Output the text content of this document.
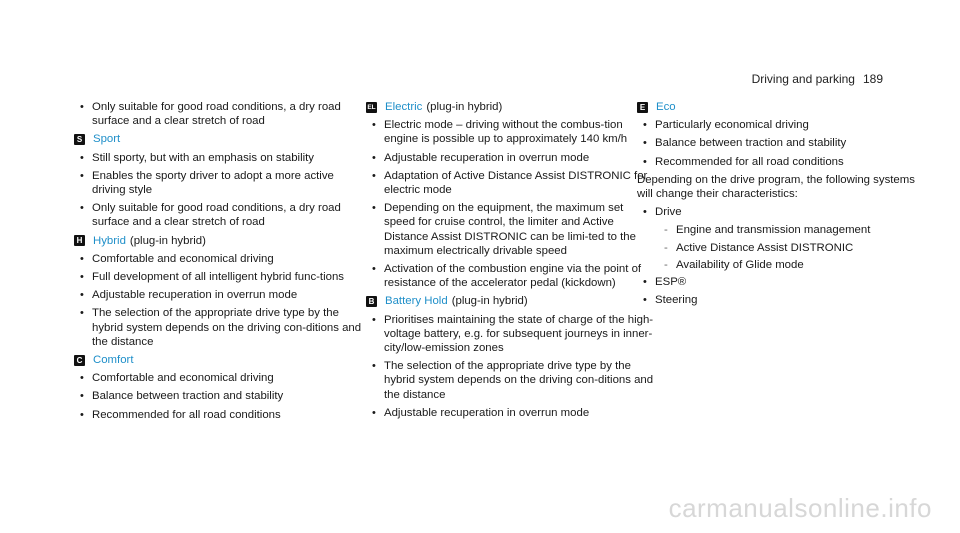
Driving and parking 189
• Only suitable for good road conditions, a dry road surface and a clear stretch of road
S Sport
• Still sporty, but with an emphasis on stability
• Enables the sporty driver to adopt a more active driving style
• Only suitable for good road conditions, a dry road surface and a clear stretch of road
H Hybrid (plug-in hybrid)
• Comfortable and economical driving
• Full development of all intelligent hybrid func-tions
• Adjustable recuperation in overrun mode
• The selection of the appropriate drive type by the hybrid system depends on the driving con-ditions and the distance
C Comfort
• Comfortable and economical driving
• Balance between traction and stability
• Recommended for all road conditions
EL Electric (plug-in hybrid)
• Electric mode – driving without the combus-tion engine is possible up to approximately 140 km/h
• Adjustable recuperation in overrun mode
• Adaptation of Active Distance Assist DISTRONIC for electric mode
• Depending on the equipment, the maximum set speed for cruise control, the limiter and Active Distance Assist DISTRONIC can be limi-ted to the maximum electrically drivable speed
• Activation of the combustion engine via the point of resistance of the accelerator pedal (kickdown)
B Battery Hold (plug-in hybrid)
• Prioritises maintaining the state of charge of the high-voltage battery, e.g. for subsequent journeys in inner-city/low-emission zones
• The selection of the appropriate drive type by the hybrid system depends on the driving con-ditions and the distance
• Adjustable recuperation in overrun mode
E Eco
• Particularly economical driving
• Balance between traction and stability
• Recommended for all road conditions
Depending on the drive program, the following systems will change their characteristics:
• Drive
- Engine and transmission management
- Active Distance Assist DISTRONIC
- Availability of Glide mode
• ESP®
• Steering
carmanualsonline.info
